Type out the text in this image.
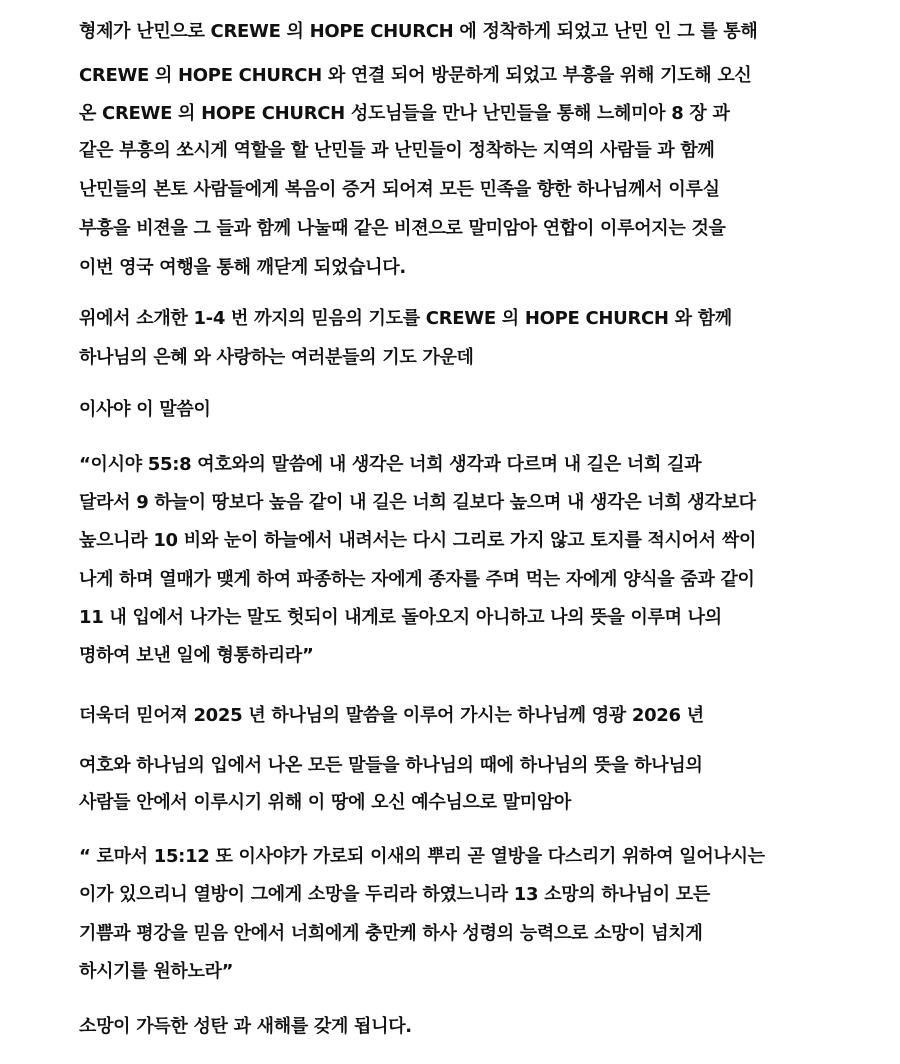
형제가 난민으로 CREWE 의 HOPE CHURCH 에 정착하게 되었고 난민 인 그 를 통해
CREWE 의 HOPE CHURCH 와 연결 되어 방문하게 되었고 부흥을 위해 기도해 오신
온 CREWE 의 HOPE CHURCH 성도님들을 만나 난민들을 통해 느헤미아 8 장 과
같은 부흥의 쏘시게 역할을 할 난민들 과 난민들이 정착하는 지역의 사람들 과 함께
난민들의 본토 사람들에게 복음이 증거 되어져 모든 민족을 향한 하나님께서 이루실
부흥을 비젼을 그 들과 함께 나눌때 같은 비젼으로 말미암아 연합이 이루어지는 것을
이번 영국 여행을 통해 깨닫게 되었습니다.
위에서 소개한 1-4 번 까지의 믿음의 기도를 CREWE 의 HOPE CHURCH 와 함께
하나님의 은혜 와 사랑하는 여러분들의 기도 가운데
이사야 이 말씀이
“이시야 55:8 여호와의 말씀에 내 생각은 너희 생각과 다르며 내 길은 너희 길과
달라서 9 하늘이 땅보다 높음 같이 내 길은 너희 길보다 높으며 내 생각은 너희 생각보다
높으니라 10 비와 눈이 하늘에서 내려서는 다시 그리로 가지 않고 토지를 적시어서 싹이
나게 하며 열매가 맺게 하여 파종하는 자에게 종자를 주며 먹는 자에게 양식을 줌과 같이
11 내 입에서 나가는 말도 헛되이 내게로 돌아오지 아니하고 나의 뜻을 이루며 나의
명하여 보낸 일에 형통하리라”
더욱더 믿어져 2025 년 하나님의 말씀을 이루어 가시는 하나님께 영광 2026 년
여호와 하나님의 입에서 나온 모든 말들을 하나님의 때에 하나님의 뜻을 하나님의
사람들 안에서 이루시기 위해 이 땅에 오신 예수님으로 말미암아
“ 로마서 15:12 또 이사야가 가로되 이새의 뿌리 곧 열방을 다스리기 위하여 일어나시는
이가 있으리니 열방이 그에게 소망을 두리라 하였느니라 13 소망의 하나님이 모든
기쁨과 평강을 믿음 안에서 너희에게 충만케 하사 성령의 능력으로 소망이 넘치게
하시기를 원하노라”
소망이 가득한 성탄 과 새해를 갖게 됩니다.
